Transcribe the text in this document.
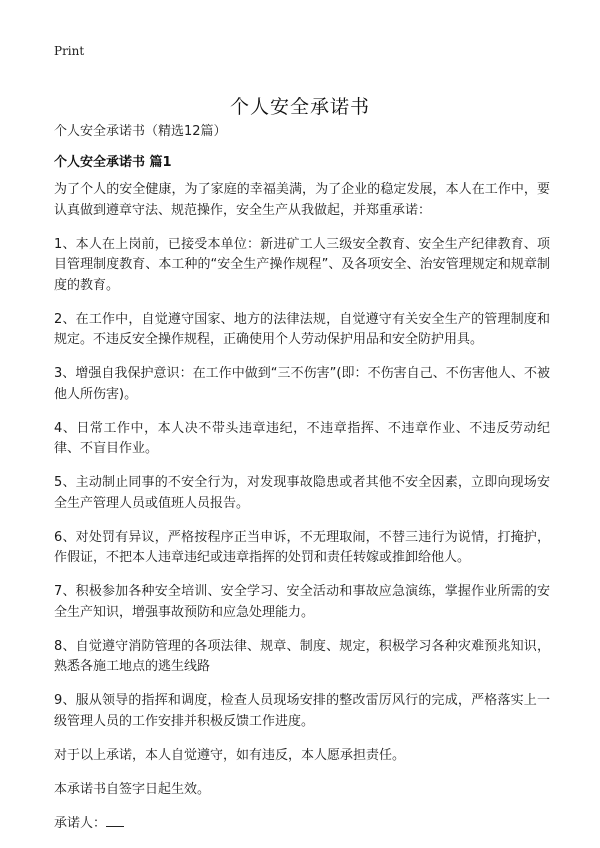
Print
个人安全承诺书
个人安全承诺书（精选12篇）
个人安全承诺书 篇1

为了个人的安全健康，为了家庭的幸福美满，为了企业的稳定发展，本人在工作中，要认真做到遵章守法、规范操作，安全生产从我做起，并郑重承诺：

1、本人在上岗前，已接受本单位：新进矿工人三级安全教育、安全生产纪律教育、项目管理制度教育、本工种的“安全生产操作规程”、及各项安全、治安管理规定和规章制度的教育。

2、在工作中，自觉遵守国家、地方的法律法规，自觉遵守有关安全生产的管理制度和规定。不违反安全操作规程，正确使用个人劳动保护用品和安全防护用具。

3、增强自我保护意识：在工作中做到“三不伤害”(即：不伤害自己、不伤害他人、不被他人所伤害)。

4、日常工作中，本人决不带头违章违纪，不违章指挥、不违章作业、不违反劳动纪律、不盲目作业。

5、主动制止同事的不安全行为，对发现事故隐患或者其他不安全因素，立即向现场安全生产管理人员或值班人员报告。

6、对处罚有异议，严格按程序正当申诉，不无理取闹，不替三违行为说情，打掩护，作假证，不把本人违章违纪或违章指挥的处罚和责任转嫁或推卸给他人。

7、积极参加各种安全培训、安全学习、安全活动和事故应急演练，掌握作业所需的安全生产知识，增强事故预防和应急处理能力。

8、自觉遵守消防管理的各项法律、规章、制度、规定，积极学习各种灾难预兆知识，熟悉各施工地点的逃生线路

9、服从领导的指挥和调度，检查人员现场安排的整改雷厉风行的完成，严格落实上一级管理人员的工作安排并积极反馈工作进度。

对于以上承诺，本人自觉遵守，如有违反，本人愿承担责任。

本承诺书自签字日起生效。

承诺人：
